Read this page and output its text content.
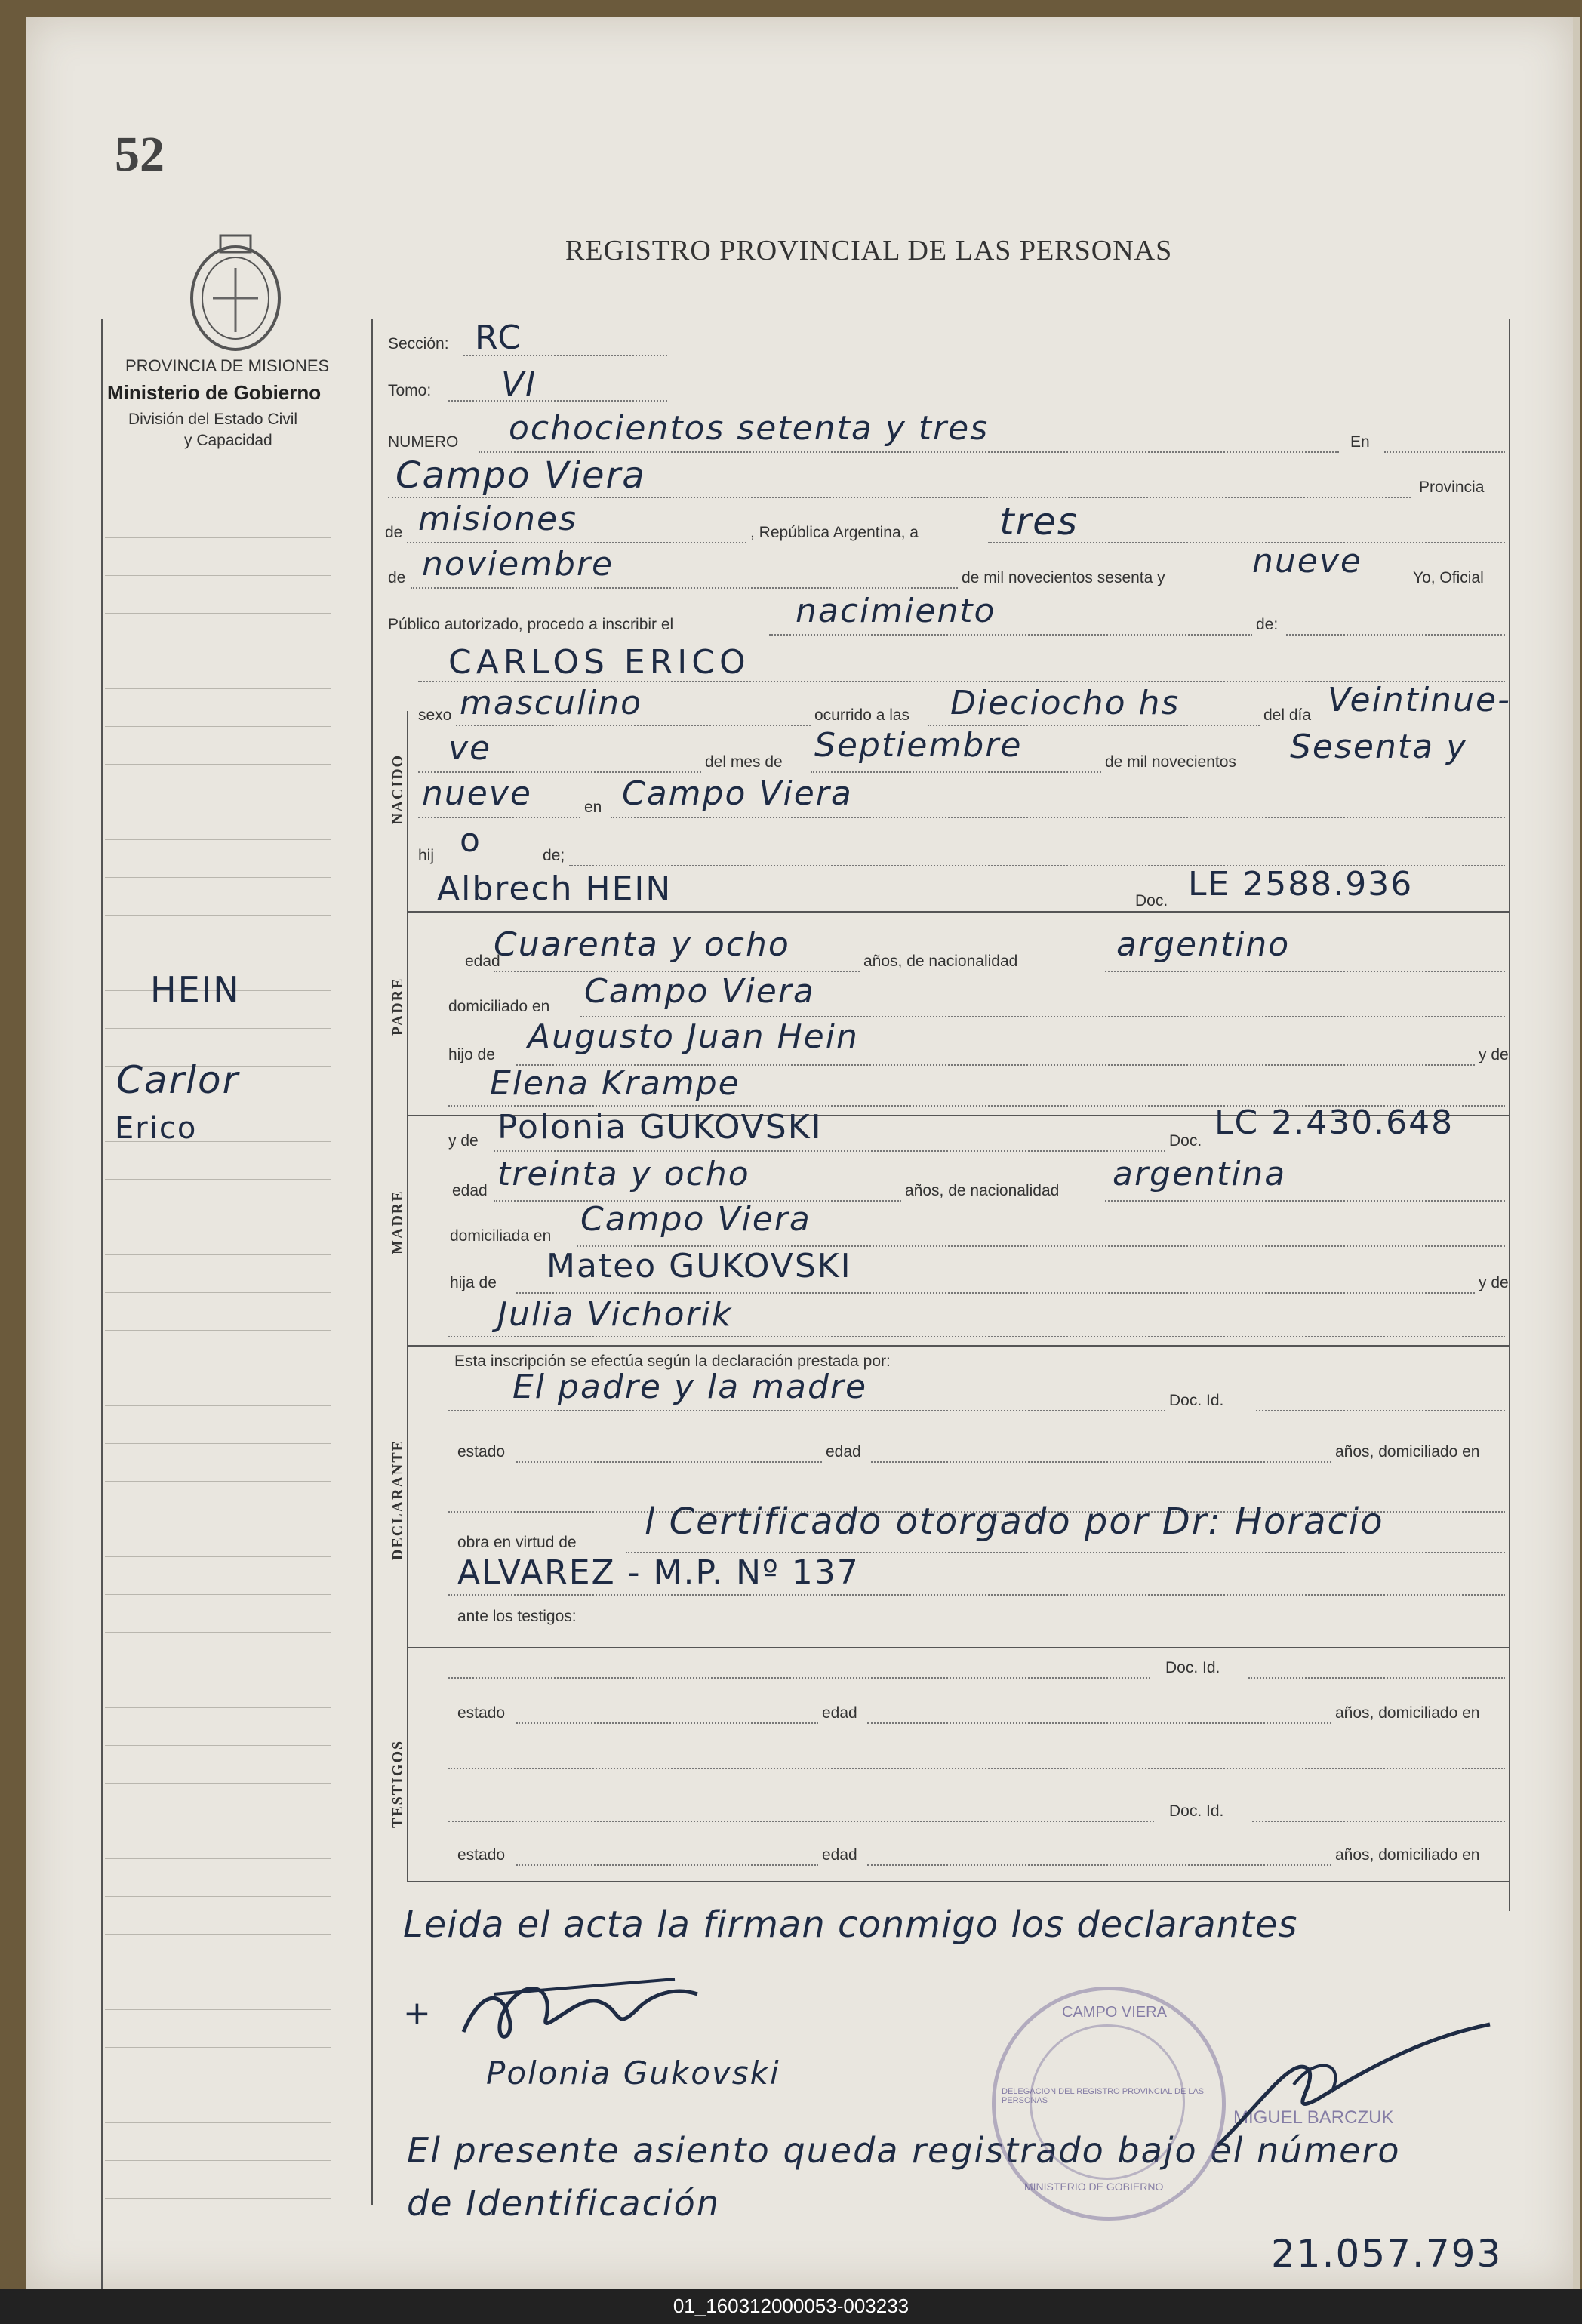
52
REGISTRO PROVINCIAL DE LAS PERSONAS
PROVINCIA DE MISIONES
Ministerio de Gobierno
División del Estado Civil
y Capacidad
HEIN
Carlor
Erico
NACIDO
PADRE
MADRE
DECLARANTE
TESTIGOS
Sección: RC
Tomo: VI
NUMERO ochocientos setenta y tres	En
Campo Viera	Provincia
de misiones	, República Argentina, a tres
de noviembre	de mil novecientos sesenta y	nueve	Yo, Oficial
Público autorizado, procedo a inscribir el	nacimiento	de:
CARLOS ERICO
sexo masculino	ocurrido a las Dieciocho hs	del día Veintinue-
ve	del mes de Septiembre	de mil novecientos Sesenta y
nueve	en Campo Viera
hij o	de;
Albrech HEIN	Doc. LE 2588.936
edad
Cuarenta y ocho	años, de nacionalidad	argentino
domiciliado en Campo Viera
hijo de Augusto Juan Hein	y de
Elena Krampe
y de Polonia GUKOVSKI	Doc. LC 2.430.648
edad treinta y ocho	años, de nacionalidad argentina
domiciliada en Campo Viera
hija de Mateo GUKOVSKI	y de
Julia Vichorik
Esta inscripción se efectúa según la declaración prestada por:
El padre y la madre	Doc. Id.
estado	edad	años, domiciliado en
obra en virtud de l Certificado otorgado por Dr: Horacio
ALVAREZ - M.P. Nº 137
ante los testigos:
Doc. Id.
estado	edad	años, domiciliado en
Doc. Id.
estado	edad	años, domiciliado en
Leida el acta la firman conmigo los declarantes
+
Polonia Gukovski
El presente asiento queda registrado bajo el número
de Identificación
21.057.793
CAMPO VIERA
DELEGACION DEL REGISTRO PROVINCIAL DE LAS PERSONAS
MINISTERIO DE GOBIERNO
MIGUEL BARCZUK
01_160312000053-003233
